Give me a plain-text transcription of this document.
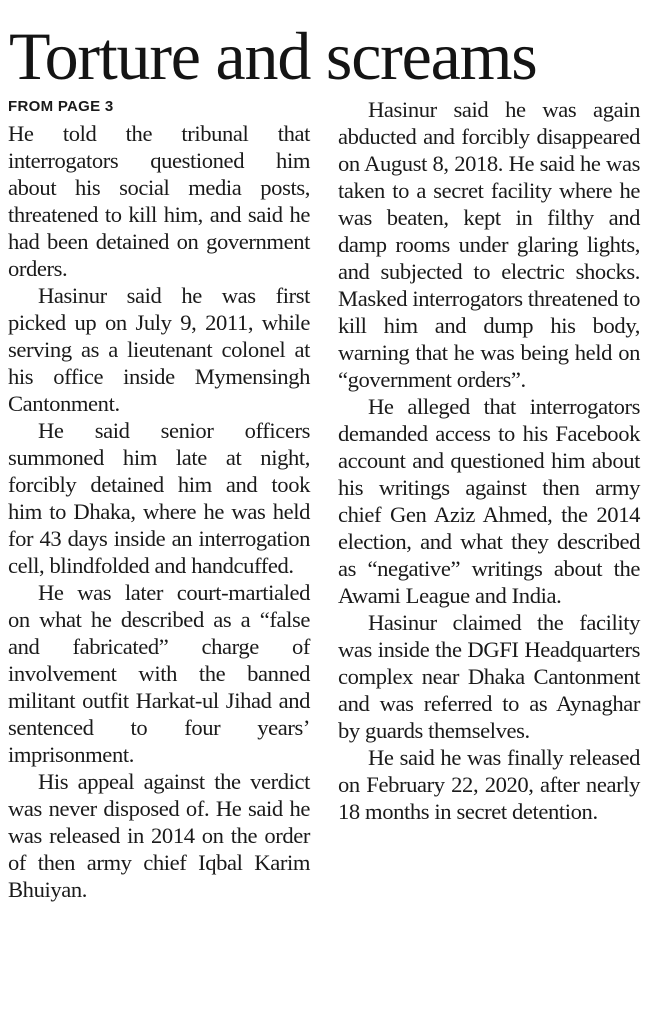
Torture and screams
FROM PAGE 3

He told the tribunal that interrogators questioned him about his social media posts, threatened to kill him, and said he had been detained on government orders.

Hasinur said he was first picked up on July 9, 2011, while serving as a lieutenant colonel at his office inside Mymensingh Cantonment.

He said senior officers summoned him late at night, forcibly detained him and took him to Dhaka, where he was held for 43 days inside an interrogation cell, blindfolded and handcuffed.

He was later court-martialed on what he described as a “false and fabricated” charge of involvement with the banned militant outfit Harkat-ul Jihad and sentenced to four years’ imprisonment.

His appeal against the verdict was never disposed of. He said he was released in 2014 on the order of then army chief Iqbal Karim Bhuiyan.

Hasinur said he was again abducted and forcibly disappeared on August 8, 2018. He said he was taken to a secret facility where he was beaten, kept in filthy and damp rooms under glaring lights, and subjected to electric shocks. Masked interrogators threatened to kill him and dump his body, warning that he was being held on “government orders”.

He alleged that interrogators demanded access to his Facebook account and questioned him about his writings against then army chief Gen Aziz Ahmed, the 2014 election, and what they described as “negative” writings about the Awami League and India.

Hasinur claimed the facility was inside the DGFI Headquarters complex near Dhaka Cantonment and was referred to as Aynaghar by guards themselves.

He said he was finally released on February 22, 2020, after nearly 18 months in secret detention.
